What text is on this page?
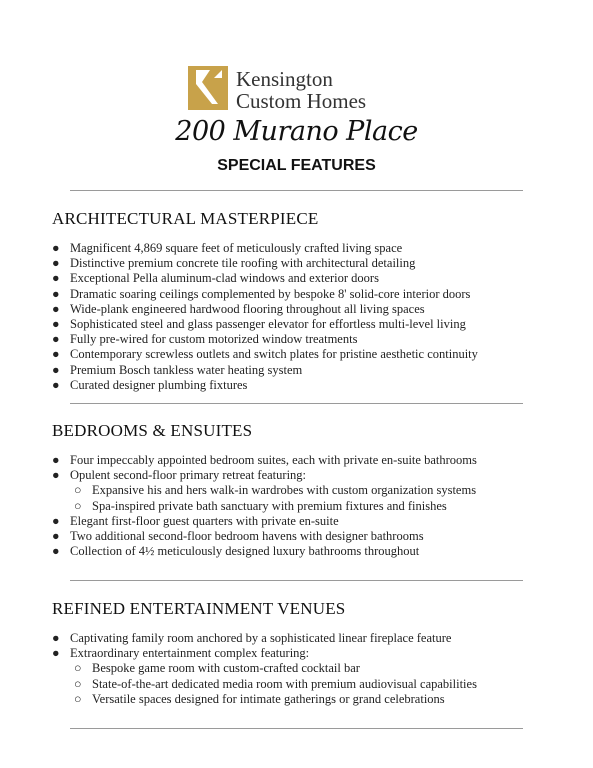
Kensington
Custom Homes
200 Murano Place
SPECIAL FEATURES
ARCHITECTURAL MASTERPIECE
● Magnificent 4,869 square feet of meticulously crafted living space
● Distinctive premium concrete tile roofing with architectural detailing
● Exceptional Pella aluminum-clad windows and exterior doors
● Dramatic soaring ceilings complemented by bespoke 8' solid-core interior doors
● Wide-plank engineered hardwood flooring throughout all living spaces
● Sophisticated steel and glass passenger elevator for effortless multi-level living
● Fully pre-wired for custom motorized window treatments
● Contemporary screwless outlets and switch plates for pristine aesthetic continuity
● Premium Bosch tankless water heating system
● Curated designer plumbing fixtures
BEDROOMS & ENSUITES
● Four impeccably appointed bedroom suites, each with private en-suite bathrooms
● Opulent second-floor primary retreat featuring:
○ Expansive his and hers walk-in wardrobes with custom organization systems
○ Spa-inspired private bath sanctuary with premium fixtures and finishes
● Elegant first-floor guest quarters with private en-suite
● Two additional second-floor bedroom havens with designer bathrooms
● Collection of 4½ meticulously designed luxury bathrooms throughout
REFINED ENTERTAINMENT VENUES
● Captivating family room anchored by a sophisticated linear fireplace feature
● Extraordinary entertainment complex featuring:
○ Bespoke game room with custom-crafted cocktail bar
○ State-of-the-art dedicated media room with premium audiovisual capabilities
○ Versatile spaces designed for intimate gatherings or grand celebrations
